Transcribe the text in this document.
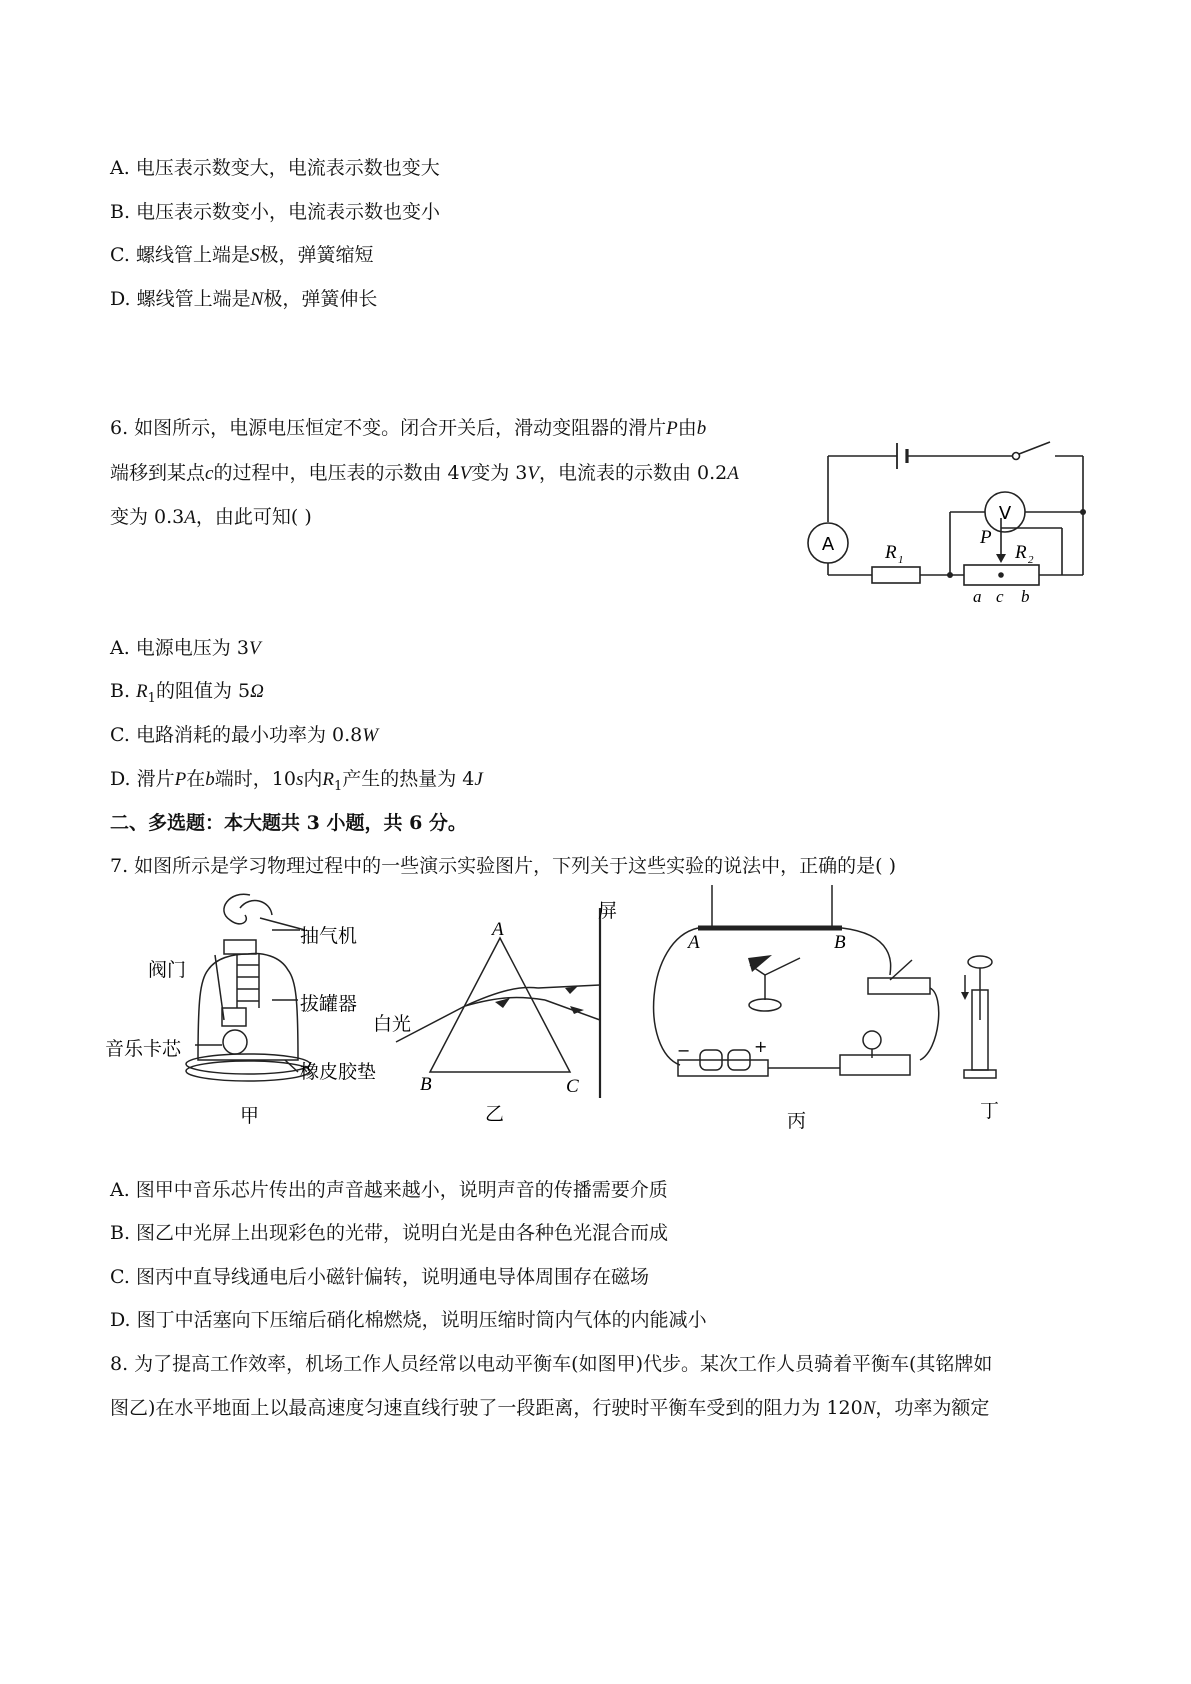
A. 电压表示数变大，电流表示数也变大
B. 电压表示数变小，电流表示数也变小
C. 螺线管上端是S极，弹簧缩短
D. 螺线管上端是N极，弹簧伸长
6. 如图所示，电源电压恒定不变。闭合开关后，滑动变阻器的滑片P由b
端移到某点c的过程中，电压表的示数由 4V变为 3V，电流表的示数由 0.2A
变为 0.3A，由此可知( )
A
V
R 1	R 2
P
a c b
A. 电源电压为 3V
B. $R_1$的阻值为 5Ω
C. 电路消耗的最小功率为 0.8W
D. 滑片P在b端时，10s内$R_1$产生的热量为 4J
二、多选题：本大题共 3 小题，共 6 分。
7. 如图所示是学习物理过程中的一些演示实验图片，下列关于这些实验的说法中，正确的是( )
抽气机
阀门
拔罐器
音乐卡芯
橡皮胶垫
甲
A
B	C
白光
屏
乙
A	B
−	+
丙	丁
A. 图甲中音乐芯片传出的声音越来越小，说明声音的传播需要介质
B. 图乙中光屏上出现彩色的光带，说明白光是由各种色光混合而成
C. 图丙中直导线通电后小磁针偏转，说明通电导体周围存在磁场
D. 图丁中活塞向下压缩后硝化棉燃烧，说明压缩时筒内气体的内能减小
8. 为了提高工作效率，机场工作人员经常以电动平衡车(如图甲)代步。某次工作人员骑着平衡车(其铭牌如
图乙)在水平地面上以最高速度匀速直线行驶了一段距离，行驶时平衡车受到的阻力为 120N，功率为额定
